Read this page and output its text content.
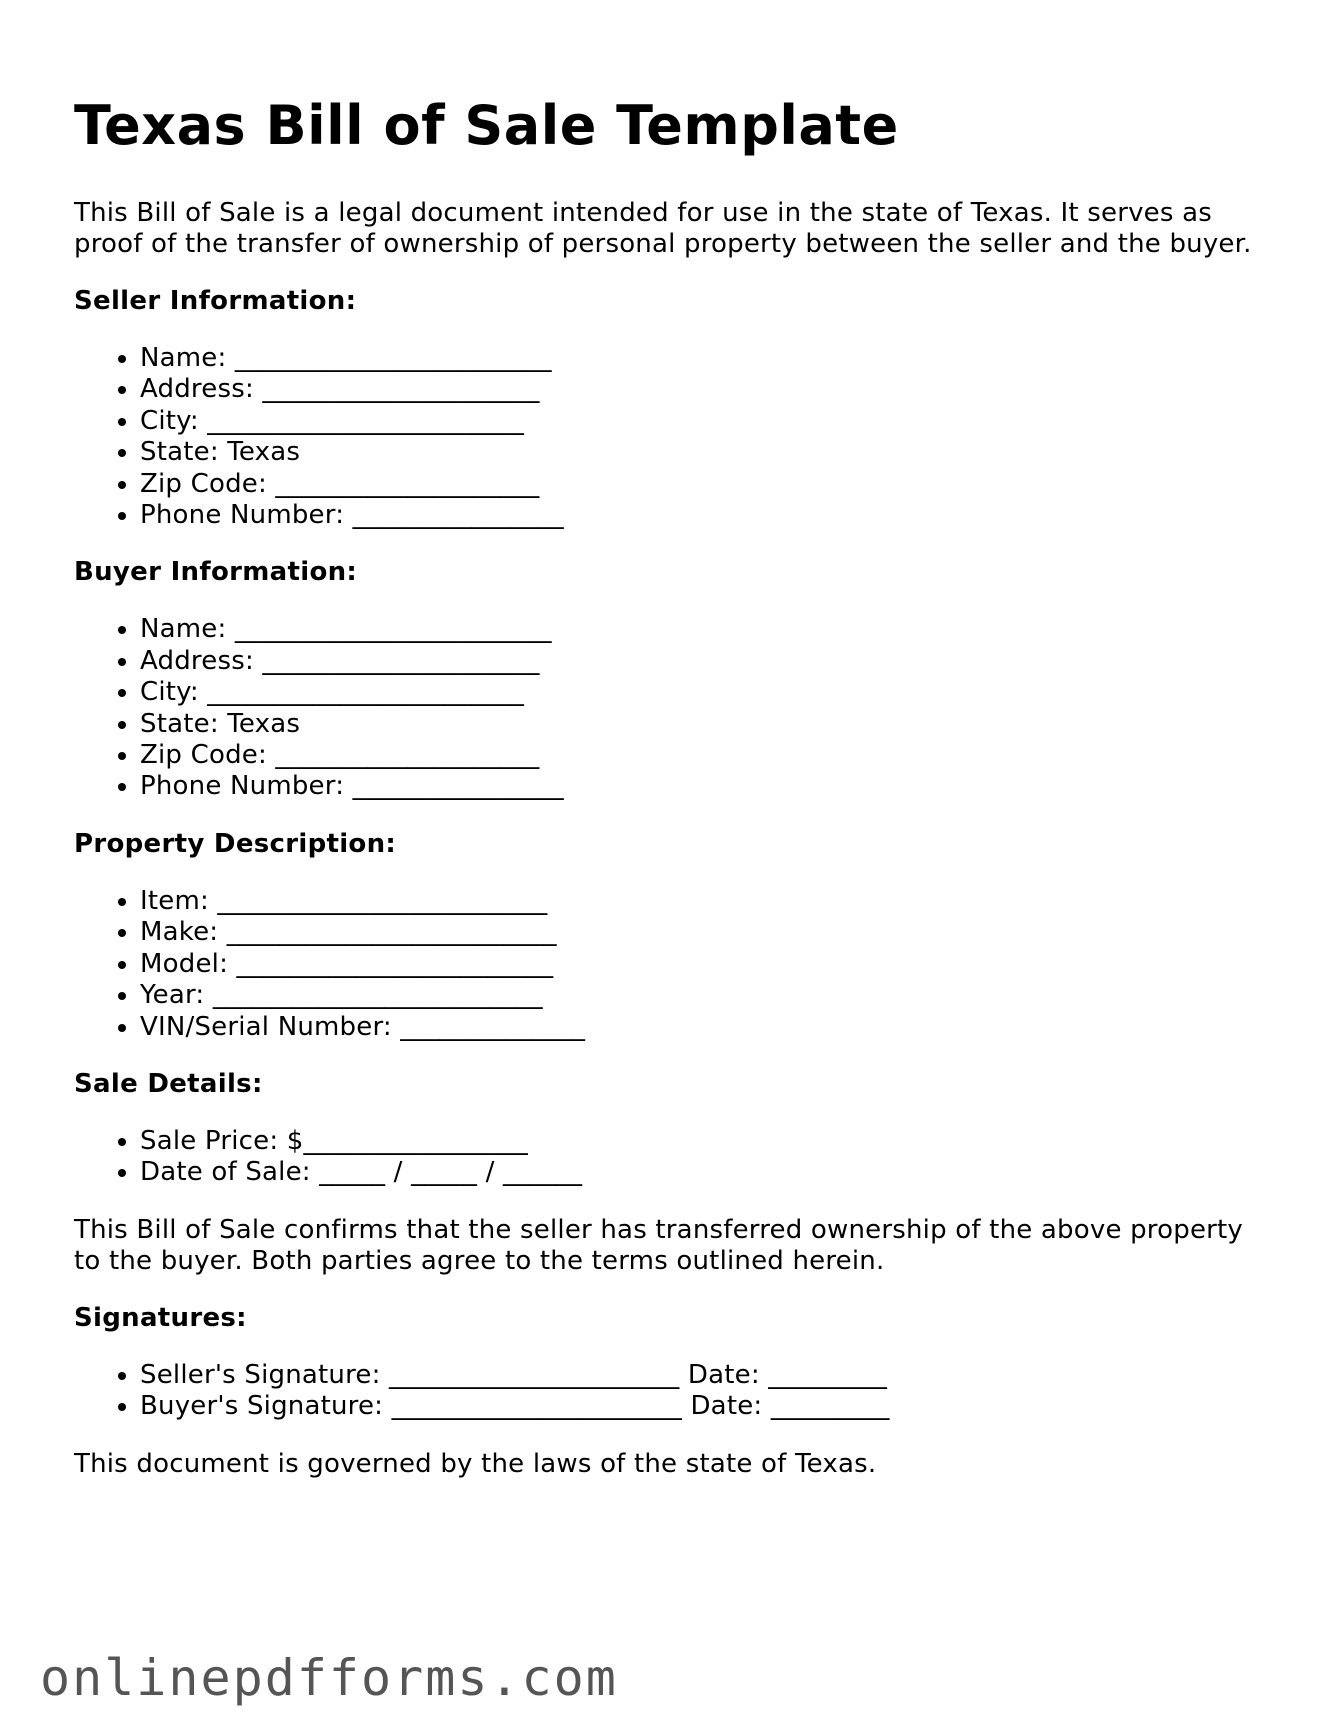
Texas Bill of Sale Template

This Bill of Sale is a legal document intended for use in the state of Texas. It serves as proof of the transfer of ownership of personal property between the seller and the buyer.

Seller Information:
• Name: ________________________
• Address: _____________________
• City: ________________________
• State: Texas
• Zip Code: ____________________
• Phone Number: ________________
Buyer Information:
• Name: ________________________
• Address: _____________________
• City: ________________________
• State: Texas
• Zip Code: ____________________
• Phone Number: ________________
Property Description:
• Item: _________________________
• Make: _________________________
• Model: ________________________
• Year: _________________________
• VIN/Serial Number: ______________
Sale Details:
• Sale Price: $_________________
• Date of Sale: _____ / _____ / ______

This Bill of Sale confirms that the seller has transferred ownership of the above property to the buyer. Both parties agree to the terms outlined herein.

Signatures:
• Seller's Signature: ______________________ Date: _________
• Buyer's Signature: ______________________ Date: _________

This document is governed by the laws of the state of Texas.

onlinepdfforms.com
